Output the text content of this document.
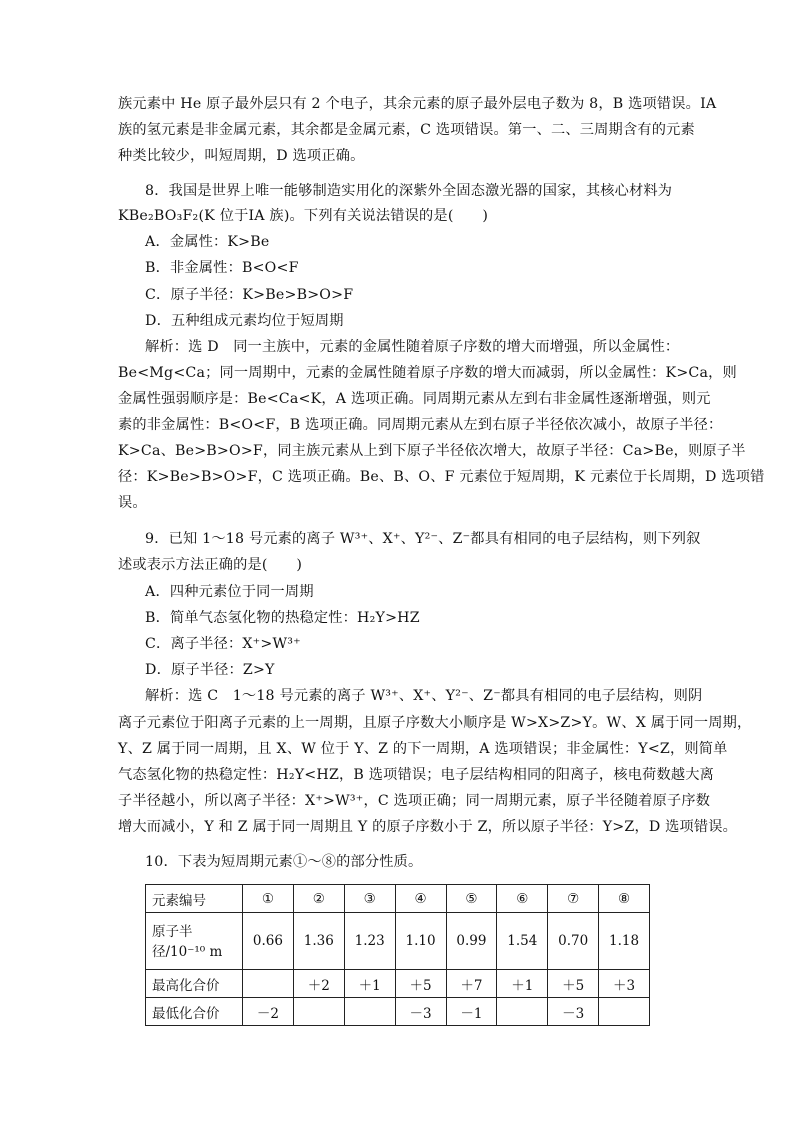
族元素中 He 原子最外层只有 2 个电子，其余元素的原子最外层电子数为 8，B 选项错误。ⅠA
族的氢元素是非金属元素，其余都是金属元素，C 选项错误。第一、二、三周期含有的元素
种类比较少，叫短周期，D 选项正确。
8．我国是世界上唯一能够制造实用化的深紫外全固态激光器的国家，其核心材料为
KBe₂BO₃F₂(K 位于ⅠA 族)。下列有关说法错误的是(　　)
A．金属性：K>Be
B．非金属性：B<O<F
C．原子半径：K>Be>B>O>F
D．五种组成元素均位于短周期
解析：选 D　同一主族中，元素的金属性随着原子序数的增大而增强，所以金属性：
Be<Mg<Ca；同一周期中，元素的金属性随着原子序数的增大而减弱，所以金属性：K>Ca，则
金属性强弱顺序是：Be<Ca<K，A 选项正确。同周期元素从左到右非金属性逐渐增强，则元
素的非金属性：B<O<F，B 选项正确。同周期元素从左到右原子半径依次减小，故原子半径：
K>Ca、Be>B>O>F，同主族元素从上到下原子半径依次增大，故原子半径：Ca>Be，则原子半
径：K>Be>B>O>F，C 选项正确。Be、B、O、F 元素位于短周期，K 元素位于长周期，D 选项错
误。
9．已知 1～18 号元素的离子 W³⁺、X⁺、Y²⁻、Z⁻都具有相同的电子层结构，则下列叙
述或表示方法正确的是(　　)
A．四种元素位于同一周期
B．简单气态氢化物的热稳定性：H₂Y>HZ
C．离子半径：X⁺>W³⁺
D．原子半径：Z>Y
解析：选 C　1～18 号元素的离子 W³⁺、X⁺、Y²⁻、Z⁻都具有相同的电子层结构，则阴
离子元素位于阳离子元素的上一周期，且原子序数大小顺序是 W>X>Z>Y。W、X 属于同一周期，
Y、Z 属于同一周期，且 X、W 位于 Y、Z 的下一周期，A 选项错误；非金属性：Y<Z，则简单
气态氢化物的热稳定性：H₂Y<HZ，B 选项错误；电子层结构相同的阳离子，核电荷数越大离
子半径越小，所以离子半径：X⁺>W³⁺，C 选项正确；同一周期元素，原子半径随着原子序数
增大而减小，Y 和 Z 属于同一周期且 Y 的原子序数小于 Z，所以原子半径：Y>Z，D 选项错误。
10．下表为短周期元素①～⑧的部分性质。
元素编号	①	②	③	④	⑤	⑥	⑦	⑧
原子半径/10⁻¹⁰ m	0.66	1.36	1.23	1.10	0.99	1.54	0.70	1.18
最高化合价		＋2	＋1	＋5	＋7	＋1	＋5	＋3
最低化合价	－2			－3	－1		－3	
